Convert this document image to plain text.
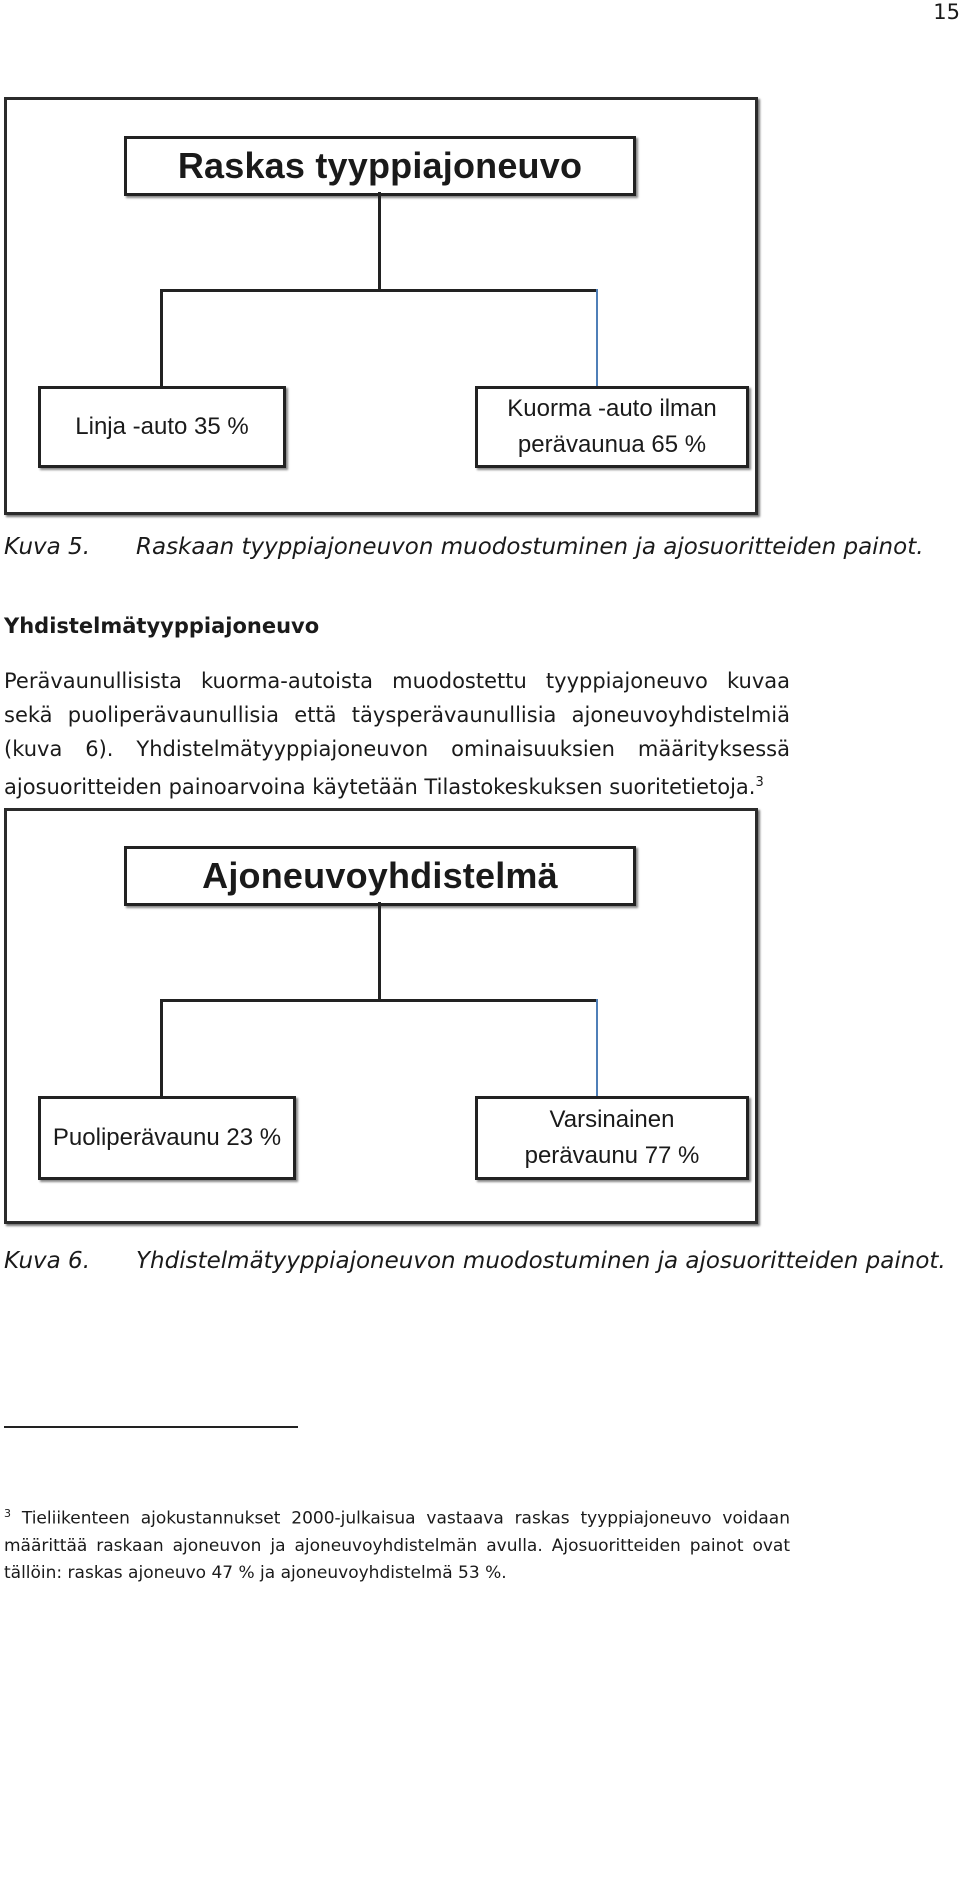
15
Raskas tyyppiajoneuvo
Linja -auto 35 %
Kuorma -auto ilman
perävaunua 65 %
Kuva 5. Raskaan tyyppiajoneuvon muodostuminen ja ajosuoritteiden painot.
Yhdistelmätyyppiajoneuvo
Perävaunullisista kuorma-autoista muodostettu tyyppiajoneuvo kuvaa sekä puoliperävaunullisia että täysperävaunullisia ajoneuvoyhdistelmiä (kuva 6). Yhdistelmätyyppiajoneuvon ominaisuuksien määrityksessä ajosuoritteiden painoarvoina käytetään Tilastokeskuksen suoritetietoja.$^3$
Ajoneuvoyhdistelmä
Puoliperävaunu 23 %
Varsinainen
perävaunu 77 %
Kuva 6. Yhdistelmätyyppiajoneuvon muodostuminen ja ajosuoritteiden painot.
$^3$ Tieliikenteen ajokustannukset 2000-julkaisua vastaava raskas tyyppiajoneuvo voidaan määrittää raskaan ajoneuvon ja ajoneuvoyhdistelmän avulla. Ajosuoritteiden painot ovat tällöin: raskas ajoneuvo 47 % ja ajoneuvoyhdistelmä 53 %.
